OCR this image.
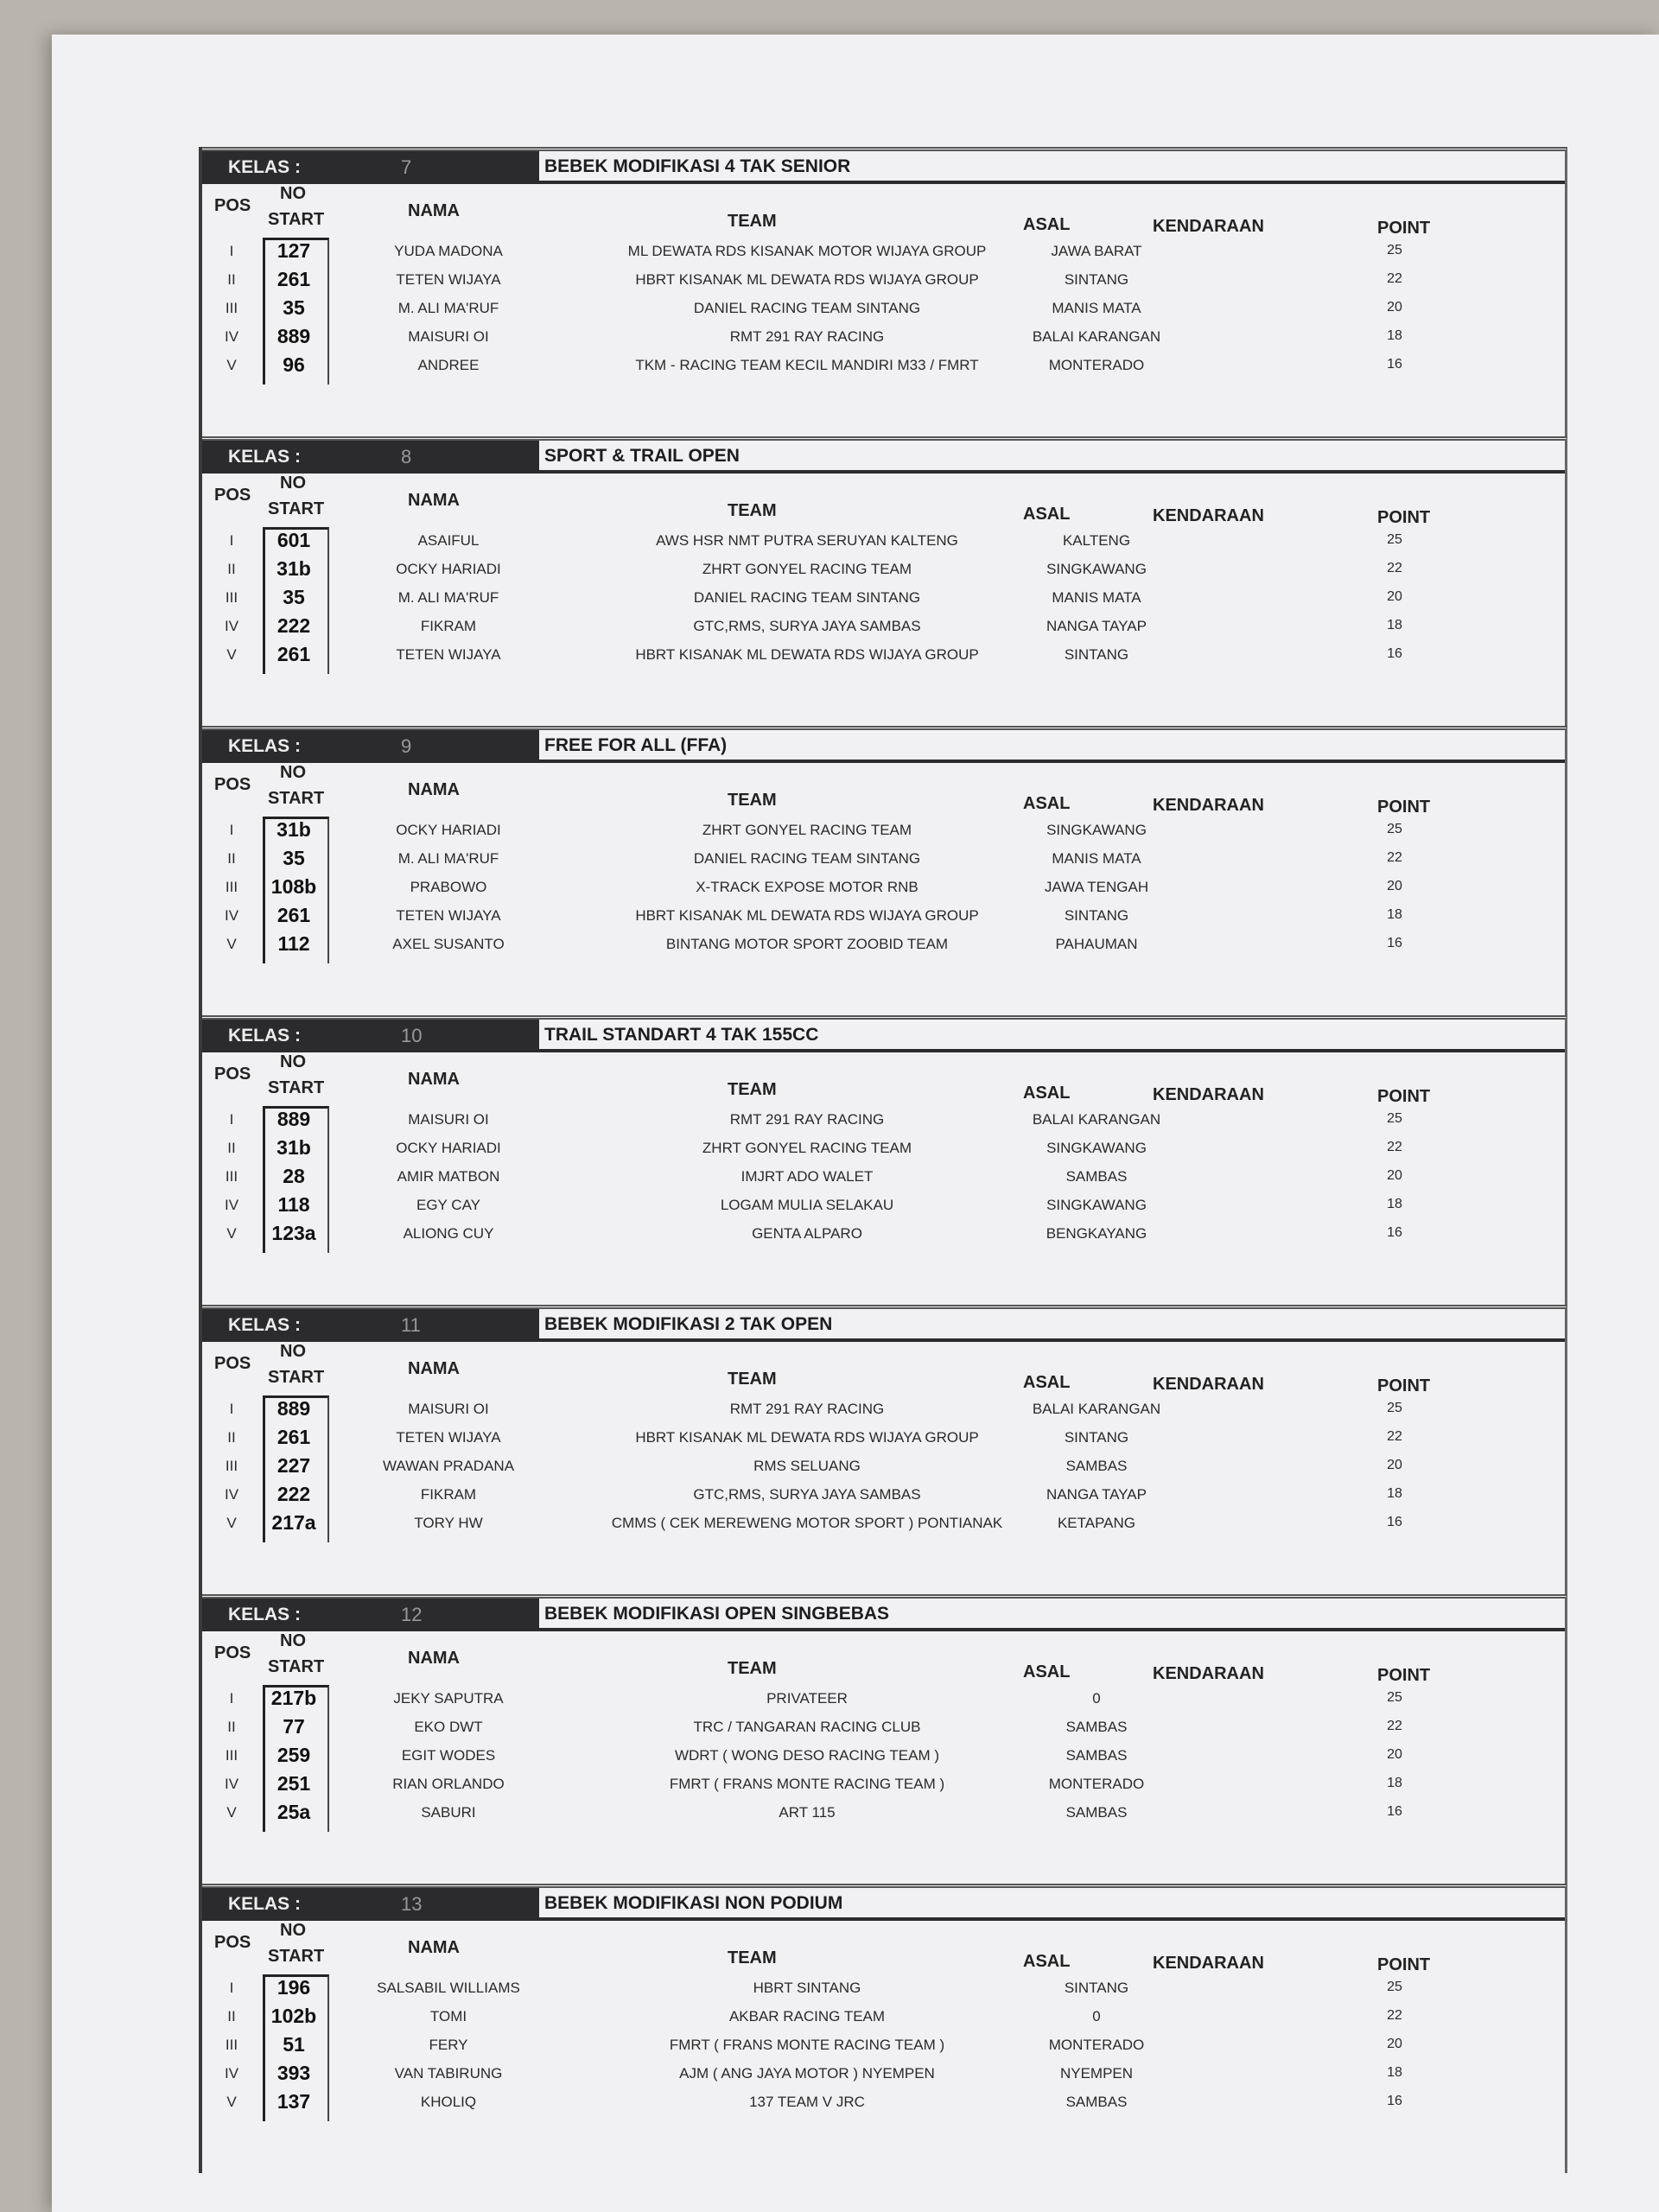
KELAS :	7	BEBEK MODIFIKASI 4 TAK SENIOR
POS
NO
START	NAMA
TEAM	ASAL	KENDARAAN	POINT
I	127	YUDA MADONA	ML DEWATA RDS KISANAK MOTOR WIJAYA GROUP	JAWA BARAT	25
II	261	TETEN WIJAYA	HBRT KISANAK ML DEWATA RDS WIJAYA GROUP	SINTANG	22
III	35	M. ALI MA'RUF	DANIEL RACING TEAM SINTANG	MANIS MATA	20
IV	889	MAISURI OI	RMT 291 RAY RACING	BALAI KARANGAN	18
V	96	ANDREE	TKM - RACING TEAM KECIL MANDIRI M33 / FMRT	MONTERADO	16
KELAS :	8	SPORT & TRAIL OPEN
POS
NO
START	NAMA
TEAM	ASAL	KENDARAAN	POINT
I	601	ASAIFUL	AWS HSR NMT PUTRA SERUYAN KALTENG	KALTENG	25
II	31b	OCKY HARIADI	ZHRT GONYEL RACING TEAM	SINGKAWANG	22
III	35	M. ALI MA'RUF	DANIEL RACING TEAM SINTANG	MANIS MATA	20
IV	222	FIKRAM	GTC,RMS, SURYA JAYA SAMBAS	NANGA TAYAP	18
V	261	TETEN WIJAYA	HBRT KISANAK ML DEWATA RDS WIJAYA GROUP	SINTANG	16
KELAS :	9	FREE FOR ALL (FFA)
POS
NO
START	NAMA
TEAM	ASAL	KENDARAAN	POINT
I	31b	OCKY HARIADI	ZHRT GONYEL RACING TEAM	SINGKAWANG	25
II	35	M. ALI MA'RUF	DANIEL RACING TEAM SINTANG	MANIS MATA	22
III	108b	PRABOWO	X-TRACK EXPOSE MOTOR RNB	JAWA TENGAH	20
IV	261	TETEN WIJAYA	HBRT KISANAK ML DEWATA RDS WIJAYA GROUP	SINTANG	18
V	112	AXEL SUSANTO	BINTANG MOTOR SPORT ZOOBID TEAM	PAHAUMAN	16
KELAS :	10	TRAIL STANDART 4 TAK 155CC
POS
NO
START	NAMA
TEAM	ASAL	KENDARAAN	POINT
I	889	MAISURI OI	RMT 291 RAY RACING	BALAI KARANGAN	25
II	31b	OCKY HARIADI	ZHRT GONYEL RACING TEAM	SINGKAWANG	22
III	28	AMIR MATBON	IMJRT ADO WALET	SAMBAS	20
IV	118	EGY CAY	LOGAM MULIA SELAKAU	SINGKAWANG	18
V	123a	ALIONG CUY	GENTA ALPARO	BENGKAYANG	16
KELAS :	11	BEBEK MODIFIKASI 2 TAK OPEN
POS
NO
START	NAMA
TEAM	ASAL	KENDARAAN	POINT
I	889	MAISURI OI	RMT 291 RAY RACING	BALAI KARANGAN	25
II	261	TETEN WIJAYA	HBRT KISANAK ML DEWATA RDS WIJAYA GROUP	SINTANG	22
III	227	WAWAN PRADANA	RMS SELUANG	SAMBAS	20
IV	222	FIKRAM	GTC,RMS, SURYA JAYA SAMBAS	NANGA TAYAP	18
V	217a	TORY HW	CMMS ( CEK MEREWENG MOTOR SPORT ) PONTIANAK	KETAPANG	16
KELAS :	12	BEBEK MODIFIKASI OPEN SINGBEBAS
POS
NO
START	NAMA
TEAM	ASAL	KENDARAAN	POINT
I	217b	JEKY SAPUTRA	PRIVATEER	0	25
II	77	EKO DWT	TRC / TANGARAN RACING CLUB	SAMBAS	22
III	259	EGIT WODES	WDRT ( WONG DESO RACING TEAM )	SAMBAS	20
IV	251	RIAN ORLANDO	FMRT ( FRANS MONTE RACING TEAM )	MONTERADO	18
V	25a	SABURI	ART 115	SAMBAS	16
KELAS :	13	BEBEK MODIFIKASI NON PODIUM
POS
NO
START	NAMA
TEAM	ASAL	KENDARAAN	POINT
I	196	SALSABIL WILLIAMS	HBRT SINTANG	SINTANG	25
II	102b	TOMI	AKBAR RACING TEAM	0	22
III	51	FERY	FMRT ( FRANS MONTE RACING TEAM )	MONTERADO	20
IV	393	VAN TABIRUNG	AJM ( ANG JAYA MOTOR ) NYEMPEN	NYEMPEN	18
V	137	KHOLIQ	137 TEAM V JRC	SAMBAS	16
